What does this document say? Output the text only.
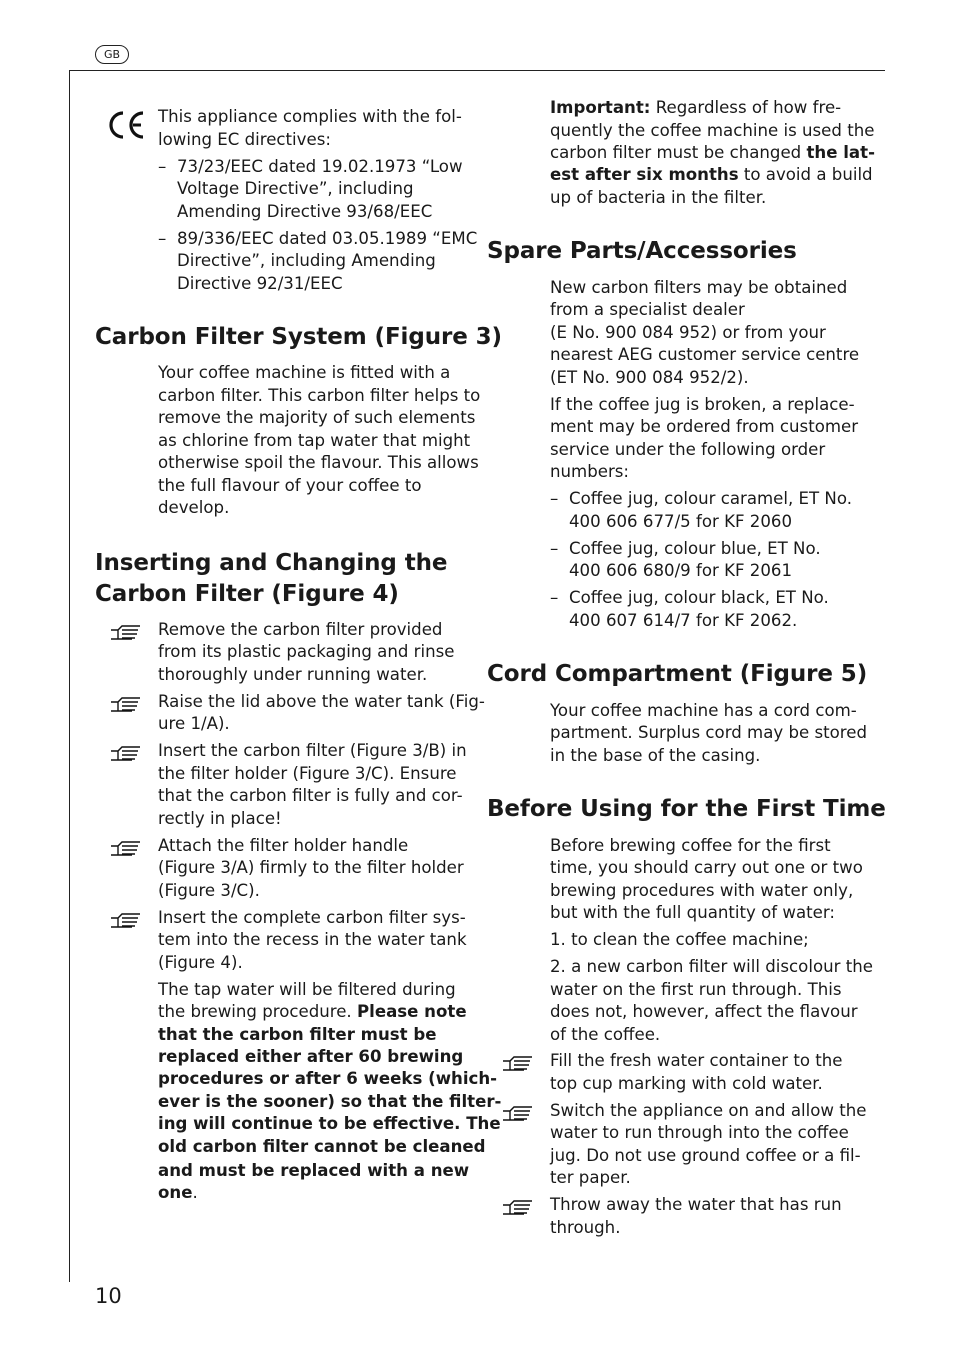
GB
10

This appliance complies with the fol-

lowing EC directives:

– 73/23/EEC dated 19.02.1973 “Low

Voltage Directive”, including

Amending Directive 93/68/EEC

– 89/336/EEC dated 03.05.1989 “EMC

Directive”, including Amending

Directive 92/31/EEC

Carbon Filter System (Figure 3)

Your coffee machine is fitted with a

carbon filter. This carbon filter helps to

remove the majority of such elements

as chlorine from tap water that might

otherwise spoil the flavour. This allows

the full flavour of your coffee to

develop.

Inserting and Changing the
Carbon Filter (Figure 4)

Remove the carbon filter provided

from its plastic packaging and rinse

thoroughly under running water.

Raise the lid above the water tank (Fig-

ure 1/A).

Insert the carbon filter (Figure 3/B) in

the filter holder (Figure 3/C). Ensure

that the carbon filter is fully and cor-

rectly in place!

Attach the filter holder handle

(Figure 3/A) firmly to the filter holder

(Figure 3/C).

Insert the complete carbon filter sys-

tem into the recess in the water tank

(Figure 4).

The tap water will be filtered during

the brewing procedure. Please note

that the carbon filter must be

replaced either after 60 brewing

procedures or after 6 weeks (which-

ever is the sooner) so that the filter-

ing will continue to be effective. The

old carbon filter cannot be cleaned

and must be replaced with a new

one.

Important: Regardless of how fre-

quently the coffee machine is used the

carbon filter must be changed the lat-

est after six months to avoid a build

up of bacteria in the filter.

Spare Parts/Accessories

New carbon filters may be obtained

from a specialist dealer

(E No. 900 084 952) or from your

nearest AEG customer service centre

(ET No. 900 084 952/2).

If the coffee jug is broken, a replace-

ment may be ordered from customer

service under the following order

numbers:

– Coffee jug, colour caramel, ET No.

400 606 677/5 for KF 2060

– Coffee jug, colour blue, ET No.

400 606 680/9 for KF 2061

– Coffee jug, colour black, ET No.

400 607 614/7 for KF 2062.

Cord Compartment (Figure 5)

Your coffee machine has a cord com-

partment. Surplus cord may be stored

in the base of the casing.

Before Using for the First Time

Before brewing coffee for the first

time, you should carry out one or two

brewing procedures with water only,

but with the full quantity of water:

1. to clean the coffee machine;

2. a new carbon filter will discolour the

water on the first run through. This

does not, however, affect the flavour

of the coffee.

Fill the fresh water container to the

top cup marking with cold water.

Switch the appliance on and allow the

water to run through into the coffee

jug. Do not use ground coffee or a fil-

ter paper.

Throw away the water that has run

through.
